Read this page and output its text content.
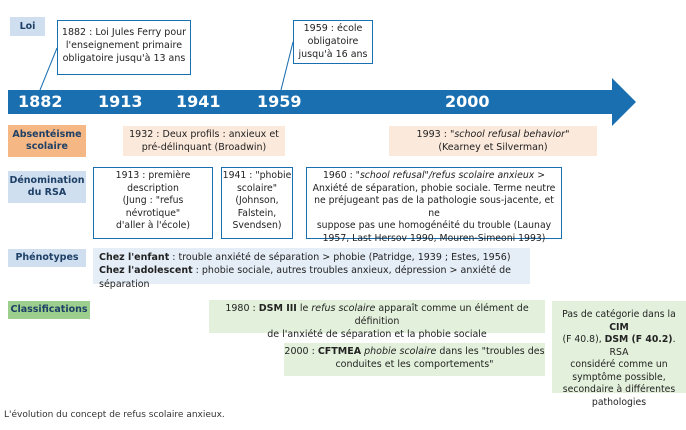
Loi
1882 : Loi Jules Ferry pour
l'enseignement primaire
obligatoire jusqu'à 13 ans
1959 : école
obligatoire
jusqu'à 16 ans
1882 1913 1941 1959	2000
Absentéisme
scolaire
1932 : Deux profils : anxieux et
pré-délinquant (Broadwin)
1993 : "school refusal behavior"
(Kearney et Silverman)
Dénomination
du RSA
1913 : première
description
(Jung : "refus
névrotique"
d'aller à l'école)
1941 : "phobie
scolaire"
(Johnson,
Falstein,
Svendsen)
1960 : "school refusal"/refus scolaire anxieux >
Anxiété de séparation, phobie sociale. Terme neutre
ne préjugeant pas de la pathologie sous-jacente, et ne
suppose pas une homogénéité du trouble (Launay
1957, Last Hersov 1990, Mouren-Simeoni 1993)
Phénotypes	Chez l'enfant : trouble anxiété de séparation > phobie (Patridge, 1939 ; Estes, 1956)
Chez l'adolescent : phobie sociale, autres troubles anxieux, dépression > anxiété de séparation
Classifications	1980 : DSM III le refus scolaire apparaît comme un élément de définition
de l'anxiété de séparation et la phobie sociale
2000 : CFTMEA phobie scolaire dans les "troubles des
conduites et les comportements"
Pas de catégorie dans la CIM
(F 40.8), DSM (F 40.2). RSA
considéré comme un
symptôme possible,
secondaire à différentes
pathologies
L'évolution du concept de refus scolaire anxieux.
